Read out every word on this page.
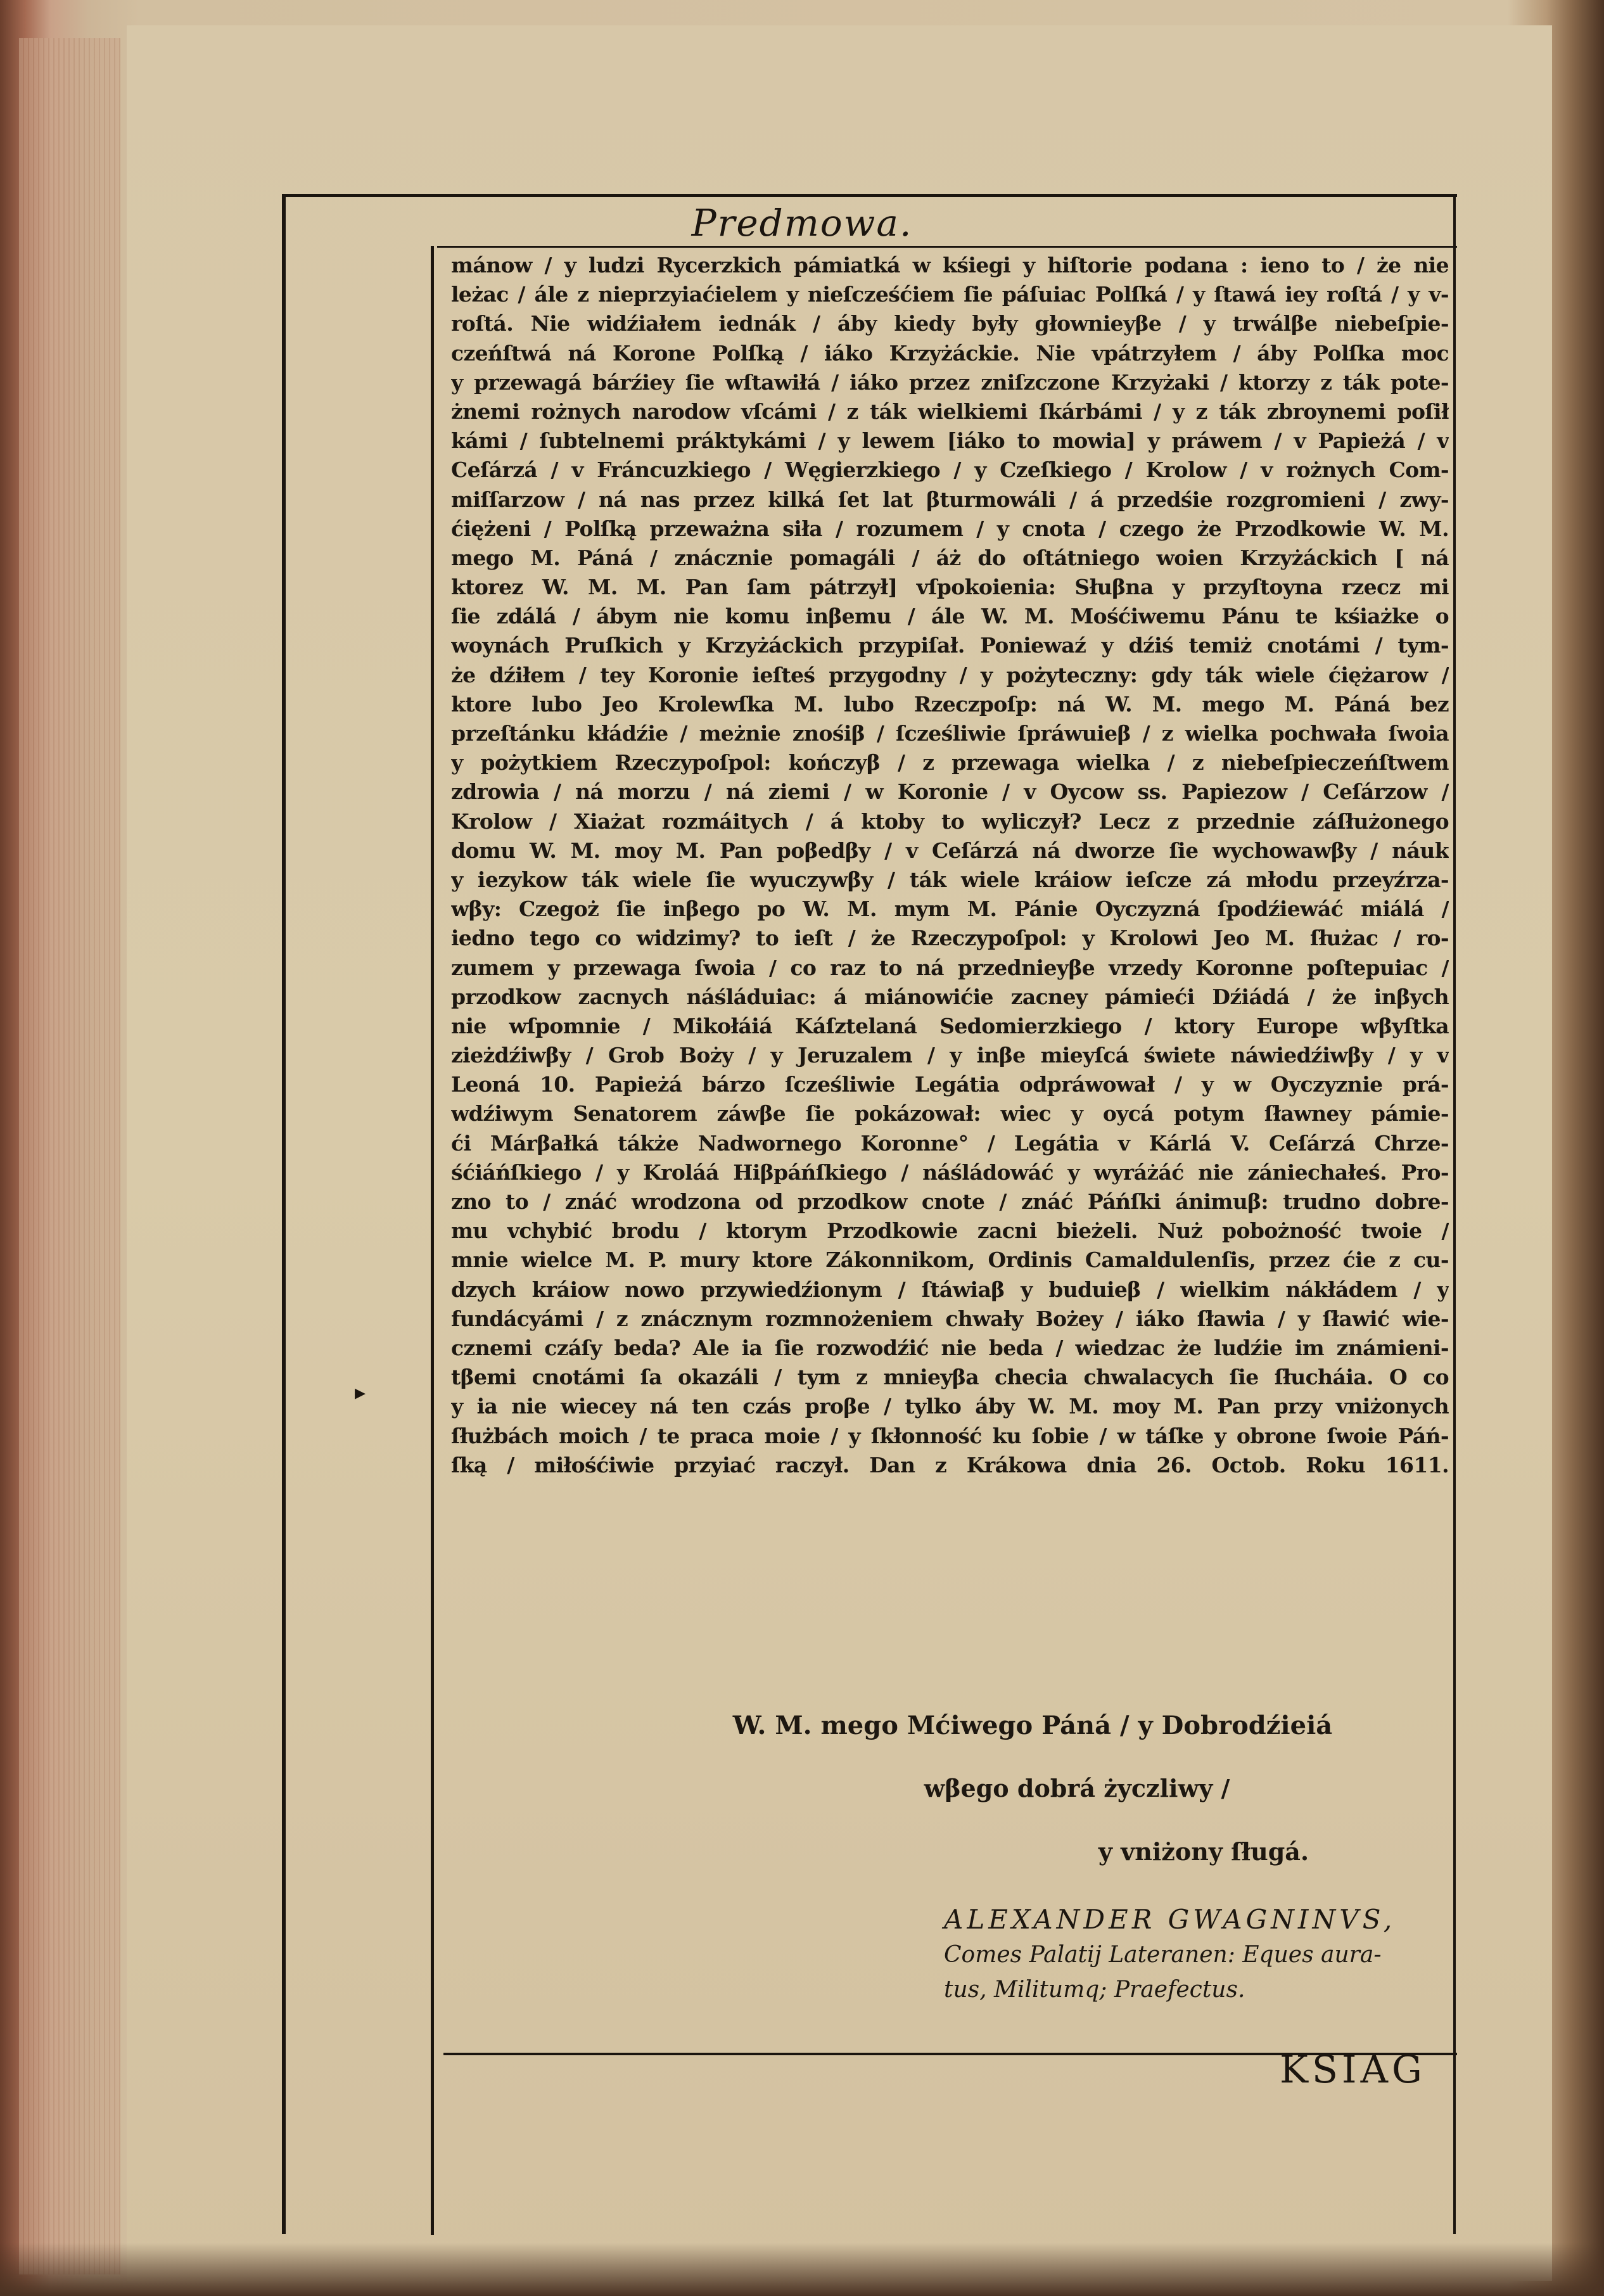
Predmowa.
▸
mánow / y ludzi Rycerzkich pámiatká w kśiegi y hiſtorie podana : ieno to / że nie
leżac / ále z nieprzyiaćielem y nieſcześćiem ſie páſuiac Polſká / y ſtawá iey roſtá / y v-
roſtá. Nie widźiałem iednák / áby kiedy były głownieyβe / y trwálβe niebeſpie-
czeńſtwá ná Korone Polſką / iáko Krzyżáckie. Nie vpátrzyłem / áby Polſka moc
y przewagá bárźiey ſie wſtawiłá / iáko przez zniſzczone Krzyżaki / ktorzy z ták pote-
żnemi rożnych narodow vſcámi / z ták wielkiemi ſkárbámi / y z ták zbroynemi poſił
kámi / ſubtelnemi práktykámi / y lewem [iáko to mowia] y práwem / v Papieżá / v
Ceſárzá / v Fráncuzkiego / Węgierzkiego / y Czeſkiego / Krolow / v rożnych Com-
miſſarzow / ná nas przez kilká ſet lat βturmowáli / á przedśie rozgromieni / zwy-
ćiężeni / Polſką przeważna siła / rozumem / y cnota / czego że Przodkowie W. M.
mego M. Páná / znácznie pomagáli / áż do oſtátniego woien Krzyżáckich [ ná
ktorez W. M. M. Pan ſam pátrzył] vſpokoienia: Słuβna y przyſtoyna rzecz mi
ſie zdálá / ábym nie komu inβemu / ále W. M. Mośćiwemu Pánu te kśiażke o
woynách Pruſkich y Krzyżáckich przypiſał. Poniewaź y dźiś temiż cnotámi / tym-
że dźiłem / tey Koronie ieſteś przygodny / y pożyteczny: gdy ták wiele ćiężarow /
ktore lubo Jeo Krolewſka M. lubo Rzeczpoſp: ná W. M. mego M. Páná bez
przeſtánku kłádźie / meżnie znośiβ / ſcześliwie ſpráwuieβ / z wielka pochwała ſwoia
y pożytkiem Rzeczypoſpol: kończyβ / z przewaga wielka / z niebeſpieczeńſtwem
zdrowia / ná morzu / ná ziemi / w Koronie / v Oycow ss. Papiezow / Ceſárzow /
Krolow / Xiażat rozmáitych / á ktoby to wyliczył? Lecz z przednie záſłużonego
domu W. M. moy M. Pan poβedβy / v Ceſárzá ná dworze ſie wychowawβy / náuk
y iezykow ták wiele ſie wyuczywβy / ták wiele kráiow ieſcze zá młodu przeyźrza-
wβy: Czegoż ſie inβego po W. M. mym M. Pánie Oyczyzná ſpodźiewáć miálá /
iedno tego co widzimy? to ieſt / że Rzeczypoſpol: y Krolowi Jeo M. ſłużac / ro-
zumem y przewaga ſwoia / co raz to ná przednieyβe vrzedy Koronne poſtepuiac /
przodkow zacnych náśláduiac: á miánowićie zacney pámieći Dźiádá / że inβych
nie wſpomnie / Mikołáiá Káſztelaná Sedomierzkiego / ktory Europe wβyſtka
zieżdźiwβy / Grob Boży / y Jeruzalem / y inβe mieyſcá świete náwiedźiwβy / y v
Leoná 10. Papieżá bárzo ſcześliwie Legátia odpráwował / y w Oyczyznie prá-
wdźiwym Senatorem záwβe ſie pokázował: wiec y oycá potym ſławney pámie-
ći Márβałká tákże Nadwornego Koronne° / Legátia v Kárlá V. Ceſárzá Chrze-
śćiáńſkiego / y Kroláá Hiβpáńſkiego / náśládowáć y wyráżáć nie zániechałeś. Pro-
zno to / znáć wrodzona od przodkow cnote / znáć Páńſki ánimuβ: trudno dobre-
mu vchybić brodu / ktorym Przodkowie zacni bieżeli. Nuż pobożność twoie /
mnie wielce M. P. mury ktore Zákonnikom, Ordinis Camaldulenſis, przez ćie z cu-
dzych kráiow nowo przywiedźionym / ſtáwiaβ y buduieβ / wielkim nákłádem / y
fundácyámi / z znácznym rozmnożeniem chwały Bożey / iáko ſławia / y ſławić wie-
cznemi czáſy beda? Ale ia ſie rozwodźić nie beda / wiedzac że ludźie im známieni-
tβemi cnotámi ſa okazáli / tym z mnieyβa checia chwalacych ſie ſłucháia. O co
y ia nie wiecey ná ten czás proβe / tylko áby W. M. moy M. Pan przy vniżonych
ſłużbách moich / te praca moie / y ſkłonność ku ſobie / w táſke y obrone ſwoie Páń-
ſką / miłośćiwie przyiać raczył. Dan z Krákowa dnia 26. Octob. Roku 1611.
W. M. mego Mćiwego Páná / y Dobrodźieiá
wβego dobrá życzliwy /
y vniżony ſługá.
ALEXANDER GWAGNINVS,
Comes Palatij Lateranen: Eques aura-
tus, Militumq; Praefectus.
KSIAG
